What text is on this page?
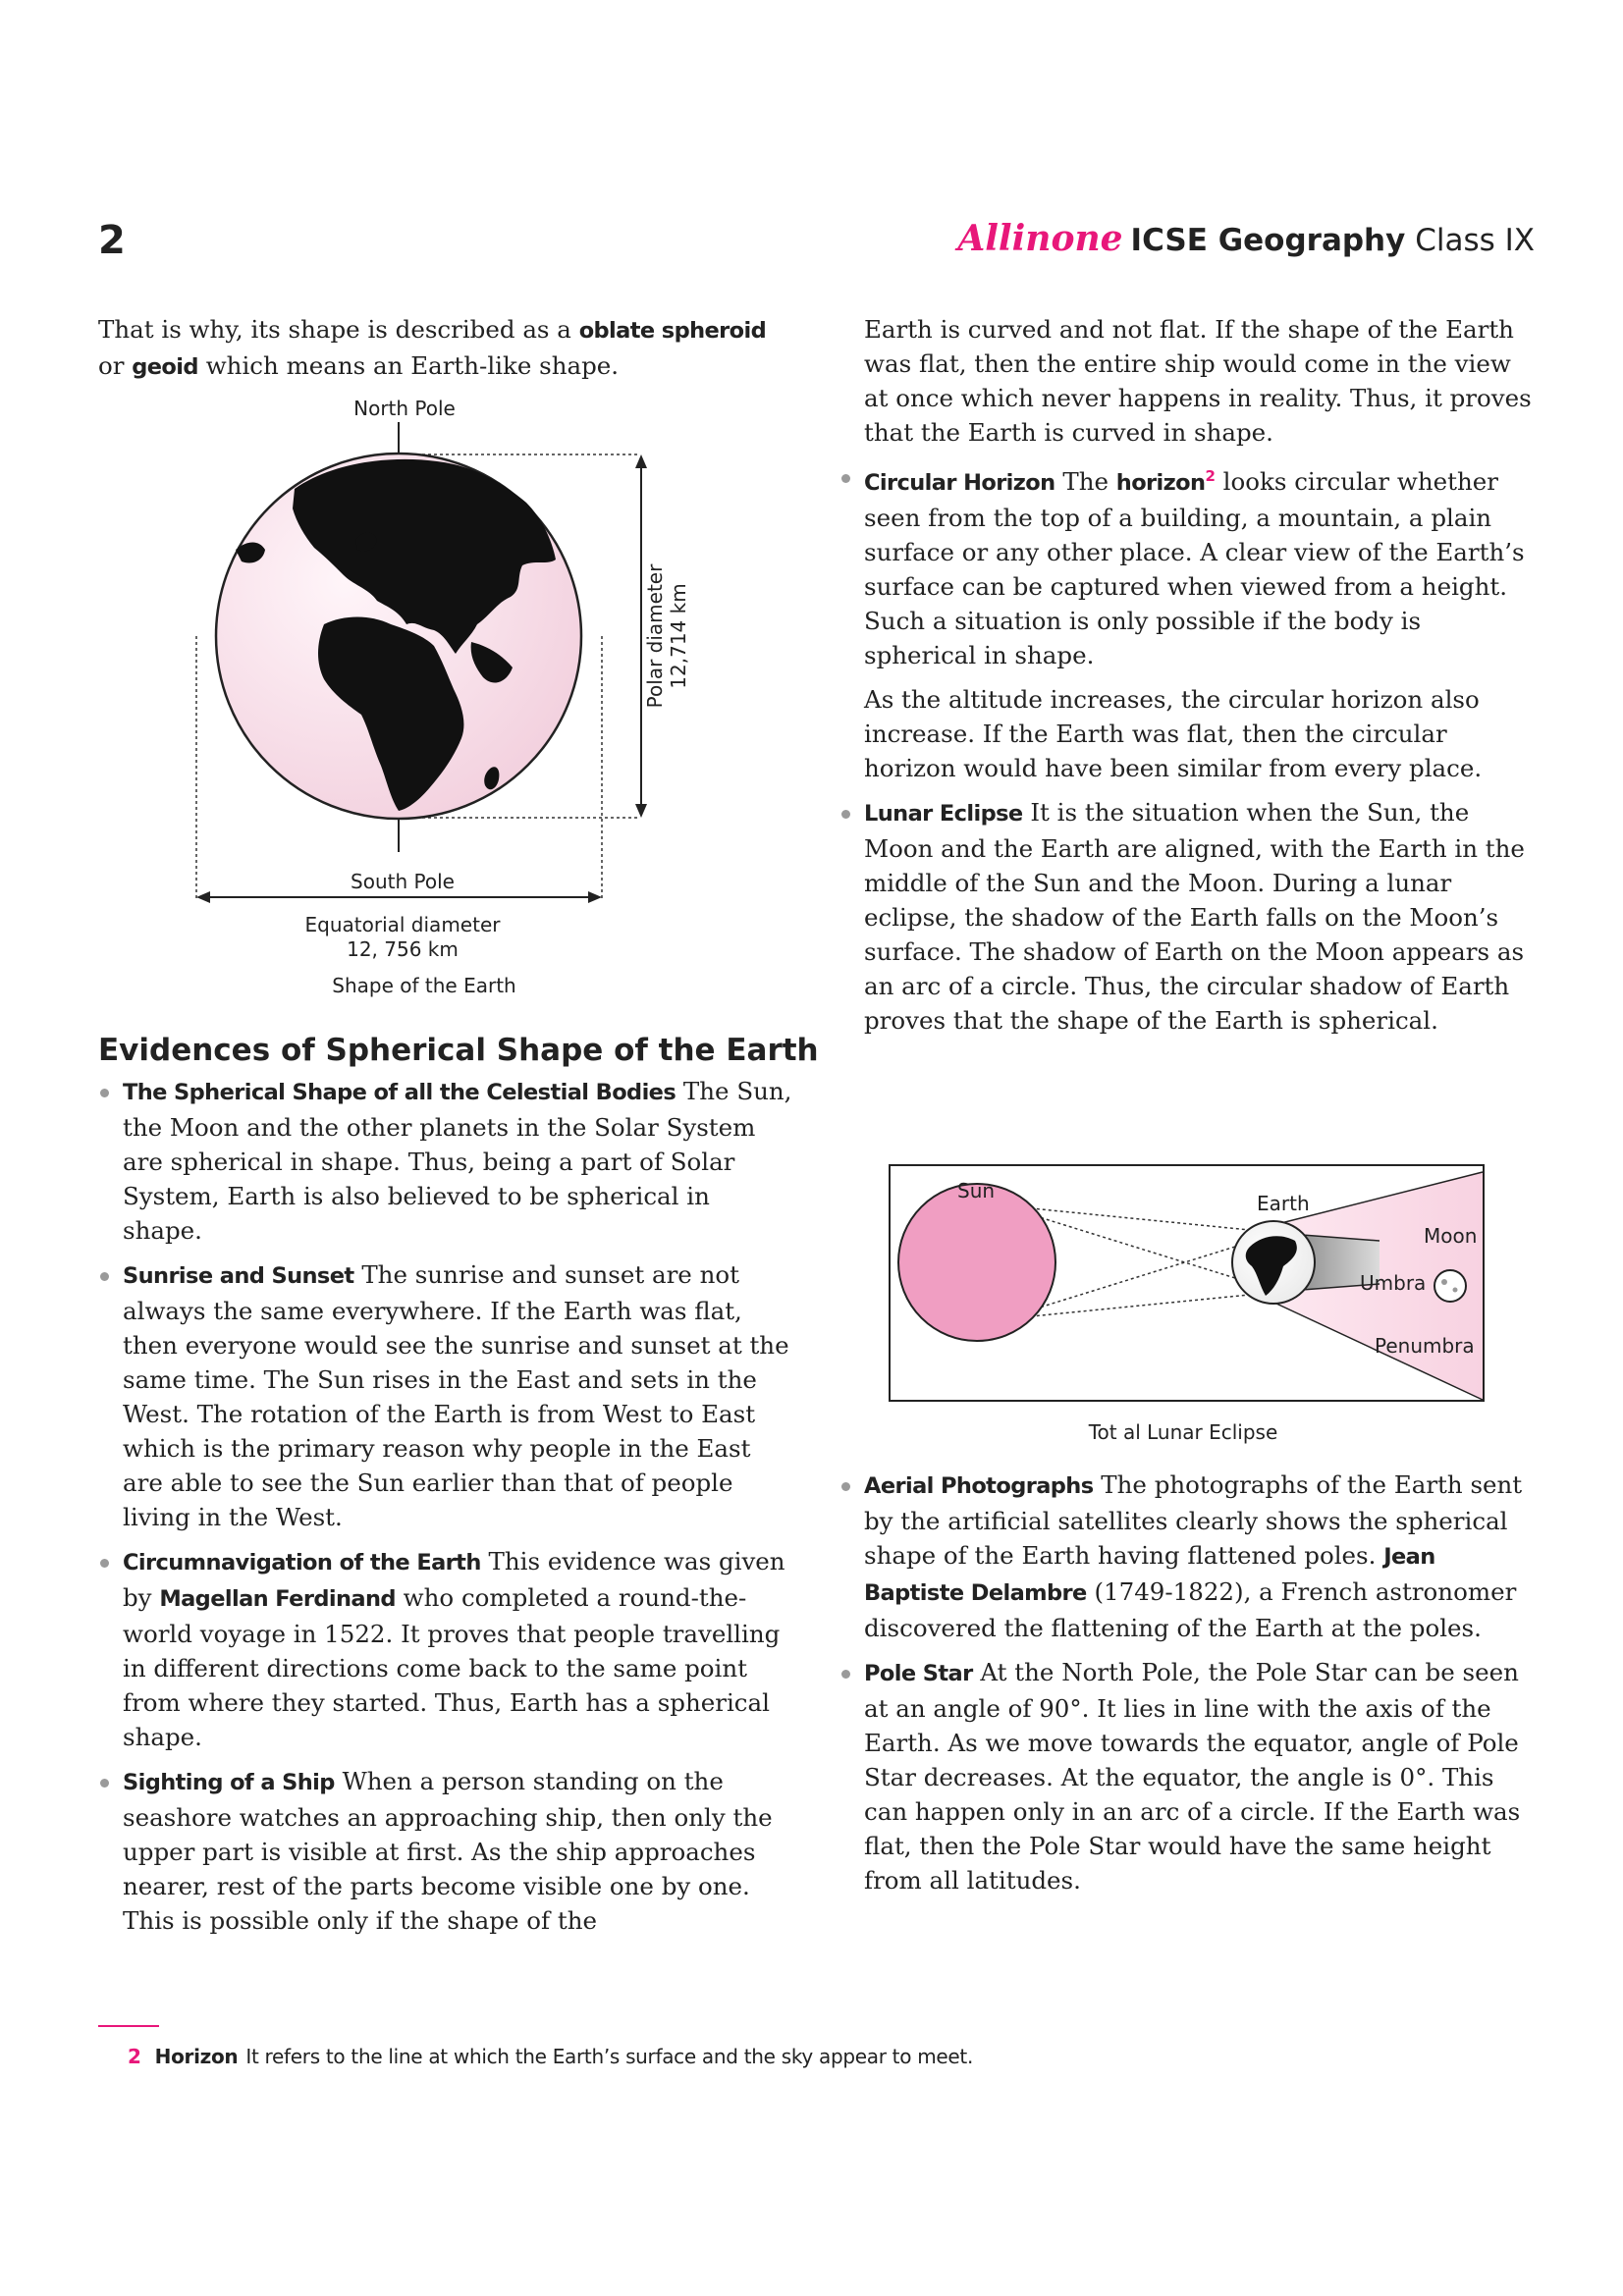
2	Allinone ICSE Geography Class IX

That is why, its shape is described as a oblate spheroid or geoid which means an Earth-like shape.

North Pole
Polar diameter 12,714 km
South Pole
Equatorial diameter
12, 756 km
Shape of the Earth
Evidences of Spherical Shape of the Earth
The Spherical Shape of all the Celestial Bodies The Sun, the Moon and the other planets in the Solar System are spherical in shape. Thus, being a part of Solar System, Earth is also believed to be spherical in shape.
Sunrise and Sunset The sunrise and sunset are not always the same everywhere. If the Earth was flat, then everyone would see the sunrise and sunset at the same time. The Sun rises in the East and sets in the West. The rotation of the Earth is from West to East which is the primary reason why people in the East are able to see the Sun earlier than that of people living in the West.
Circumnavigation of the Earth This evidence was given by Magellan Ferdinand who completed a round-the-world voyage in 1522. It proves that people travelling in different directions come back to the same point from where they started. Thus, Earth has a spherical shape.
Sighting of a Ship When a person standing on the seashore watches an approaching ship, then only the upper part is visible at first. As the ship approaches nearer, rest of the parts become visible one by one. This is possible only if the shape of the

Earth is curved and not flat. If the shape of the Earth was flat, then the entire ship would come in the view at once which never happens in reality. Thus, it proves that the Earth is curved in shape.

Circular Horizon The horizon$^2$ looks circular whether seen from the top of a building, a mountain, a plain surface or any other place. A clear view of the Earth’s surface can be captured when viewed from a height. Such a situation is only possible if the body is spherical in shape.

As the altitude increases, the circular horizon also increase. If the Earth was flat, then the circular horizon would have been similar from every place.

Lunar Eclipse It is the situation when the Sun, the Moon and the Earth are aligned, with the Earth in the middle of the Sun and the Moon. During a lunar eclipse, the shadow of the Earth falls on the Moon’s surface. The shadow of Earth on the Moon appears as an arc of a circle. Thus, the circular shadow of Earth proves that the shape of the Earth is spherical.
Sun
Earth
Moon
Umbra
Penumbra
Tot al Lunar Eclipse
Aerial Photographs The photographs of the Earth sent by the artificial satellites clearly shows the spherical shape of the Earth having flattened poles. Jean Baptiste Delambre (1749-1822), a French astronomer discovered the flattening of the Earth at the poles.
Pole Star At the North Pole, the Pole Star can be seen at an angle of 90°. It lies in line with the axis of the Earth. As we move towards the equator, angle of Pole Star decreases. At the equator, the angle is 0°. This can happen only in an arc of a circle. If the Earth was flat, then the Pole Star would have the same height from all latitudes.
2 Horizon It refers to the line at which the Earth’s surface and the sky appear to meet.
